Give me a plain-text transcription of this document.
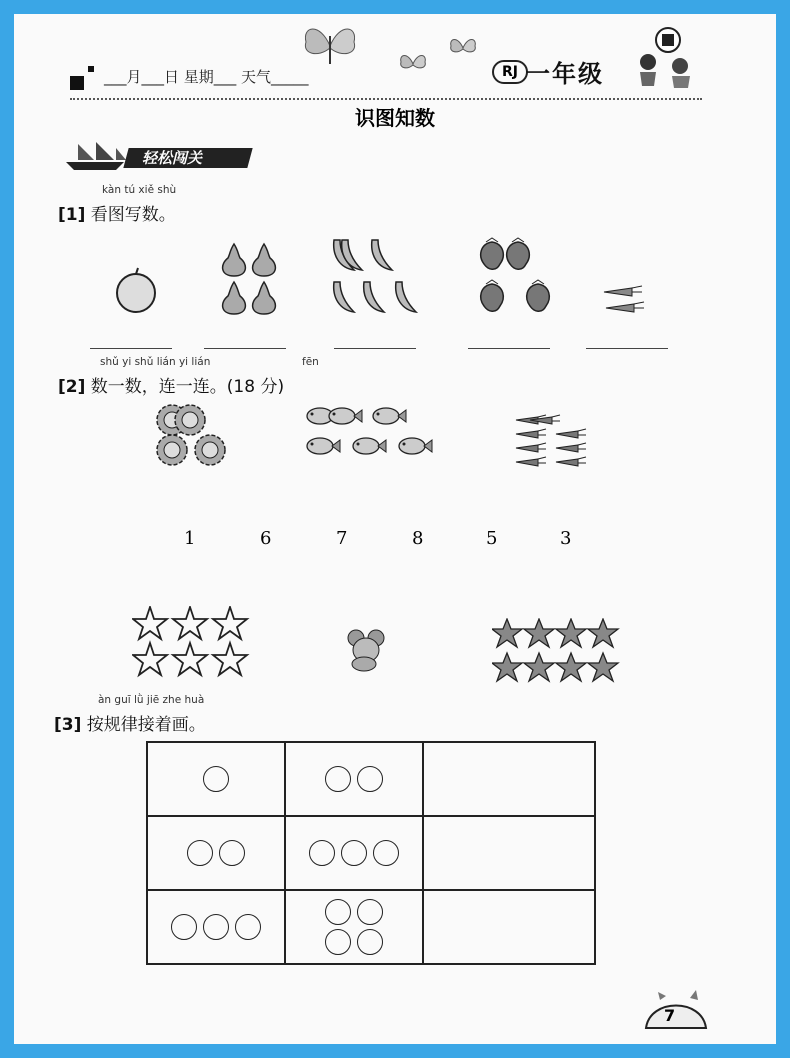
___月___日 星期___ 天气_____	RJ 一年级
识图知数
轻松闯关
kàn tú xiě shù
[1] 看图写数。
shǔ yi shǔ lián yi lián	fēn
[2] 数一数，连一连。(18 分)
1	6	7	8	5	3
àn guī lǜ jiē zhe huà
[3] 按规律接着画。

7
